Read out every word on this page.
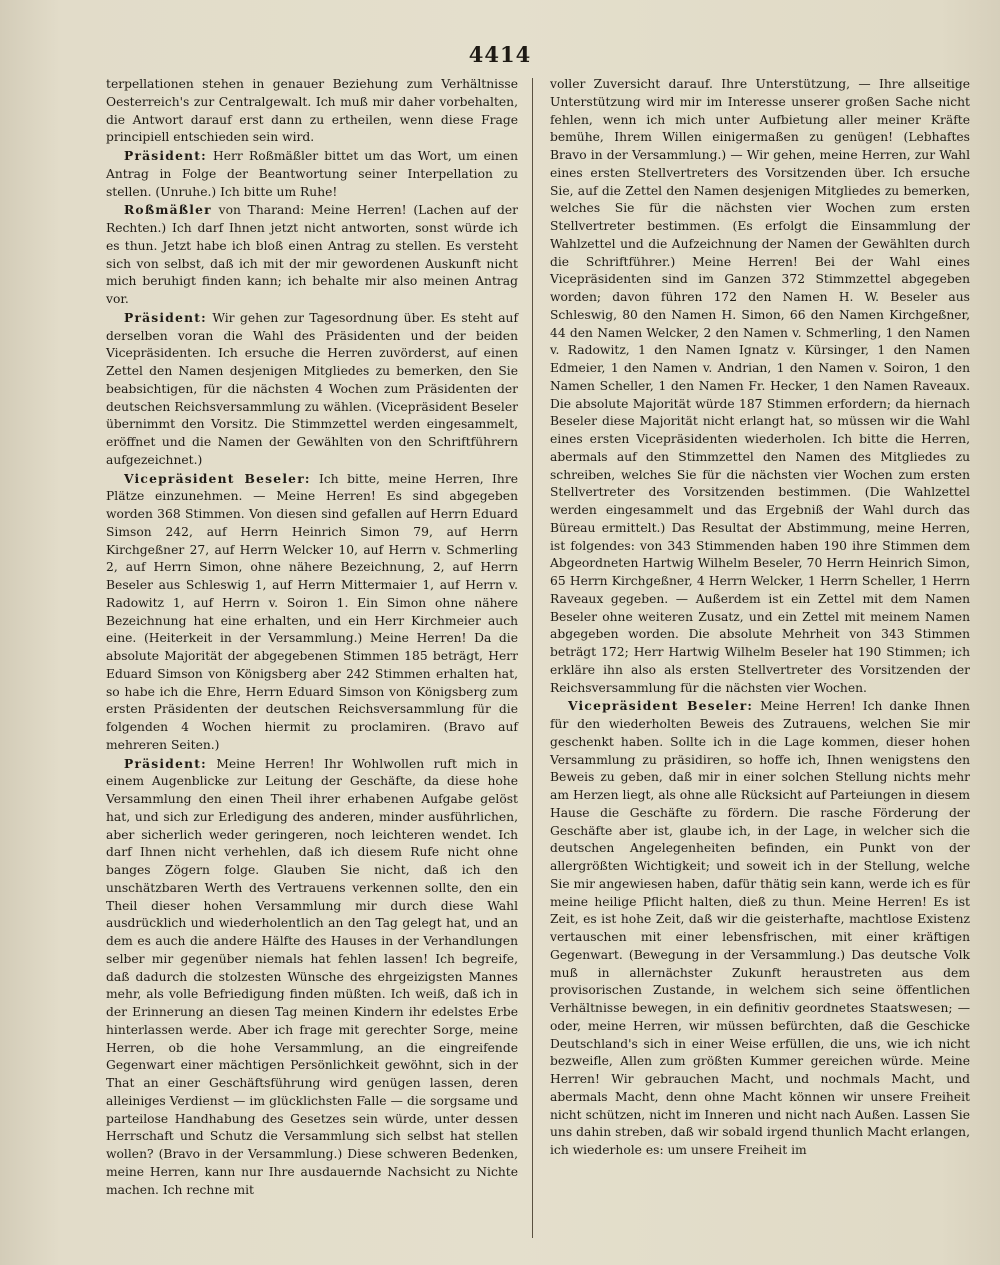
4414

terpellationen stehen in genauer Beziehung zum Verhältnisse Oesterreich's zur Centralgewalt. Ich muß mir daher vorbehalten, die Antwort darauf erst dann zu ertheilen, wenn diese Frage principiell entschieden sein wird.

Präsident: Herr Roßmäßler bittet um das Wort, um einen Antrag in Folge der Beantwortung seiner Interpellation zu stellen. (Unruhe.) Ich bitte um Ruhe!

Roßmäßler von Tharand: Meine Herren! (Lachen auf der Rechten.) Ich darf Ihnen jetzt nicht antworten, sonst würde ich es thun. Jetzt habe ich bloß einen Antrag zu stellen. Es versteht sich von selbst, daß ich mit der mir gewordenen Auskunft nicht mich beruhigt finden kann; ich behalte mir also meinen Antrag vor.

Präsident: Wir gehen zur Tagesordnung über. Es steht auf derselben voran die Wahl des Präsidenten und der beiden Vicepräsidenten. Ich ersuche die Herren zuvörderst, auf einen Zettel den Namen desjenigen Mitgliedes zu bemerken, den Sie beabsichtigen, für die nächsten 4 Wochen zum Präsidenten der deutschen Reichsversammlung zu wählen. (Vicepräsident Beseler übernimmt den Vorsitz. Die Stimmzettel werden eingesammelt, eröffnet und die Namen der Gewählten von den Schriftführern aufgezeichnet.)

Vicepräsident Beseler: Ich bitte, meine Herren, Ihre Plätze einzunehmen. — Meine Herren! Es sind abgegeben worden 368 Stimmen. Von diesen sind gefallen auf Herrn Eduard Simson 242, auf Herrn Heinrich Simon 79, auf Herrn Kirchgeßner 27, auf Herrn Welcker 10, auf Herrn v. Schmerling 2, auf Herrn Simon, ohne nähere Bezeichnung, 2, auf Herrn Beseler aus Schleswig 1, auf Herrn Mittermaier 1, auf Herrn v. Radowitz 1, auf Herrn v. Soiron 1. Ein Simon ohne nähere Bezeichnung hat eine erhalten, und ein Herr Kirchmeier auch eine. (Heiterkeit in der Versammlung.) Meine Herren! Da die absolute Majorität der abgegebenen Stimmen 185 beträgt, Herr Eduard Simson von Königsberg aber 242 Stimmen erhalten hat, so habe ich die Ehre, Herrn Eduard Simson von Königsberg zum ersten Präsidenten der deutschen Reichsversammlung für die folgenden 4 Wochen hiermit zu proclamiren. (Bravo auf mehreren Seiten.)

Präsident: Meine Herren! Ihr Wohlwollen ruft mich in einem Augenblicke zur Leitung der Geschäfte, da diese hohe Versammlung den einen Theil ihrer erhabenen Aufgabe gelöst hat, und sich zur Erledigung des anderen, minder ausführlichen, aber sicherlich weder geringeren, noch leichteren wendet. Ich darf Ihnen nicht verhehlen, daß ich diesem Rufe nicht ohne banges Zögern folge. Glauben Sie nicht, daß ich den unschätzbaren Werth des Vertrauens verkennen sollte, den ein Theil dieser hohen Versammlung mir durch diese Wahl ausdrücklich und wiederholentlich an den Tag gelegt hat, und an dem es auch die andere Hälfte des Hauses in der Verhandlungen selber mir gegenüber niemals hat fehlen lassen! Ich begreife, daß dadurch die stolzesten Wünsche des ehrgeizigsten Mannes mehr, als volle Befriedigung finden müßten. Ich weiß, daß ich in der Erinnerung an diesen Tag meinen Kindern ihr edelstes Erbe hinterlassen werde. Aber ich frage mit gerechter Sorge, meine Herren, ob die hohe Versammlung, an die eingreifende Gegenwart einer mächtigen Persönlichkeit gewöhnt, sich in der That an einer Geschäftsführung wird genügen lassen, deren alleiniges Verdienst — im glücklichsten Falle — die sorgsame und parteilose Handhabung des Gesetzes sein würde, unter dessen Herrschaft und Schutz die Versammlung sich selbst hat stellen wollen? (Bravo in der Versammlung.) Diese schweren Bedenken, meine Herren, kann nur Ihre ausdauernde Nachsicht zu Nichte machen. Ich rechne mit

voller Zuversicht darauf. Ihre Unterstützung, — Ihre allseitige Unterstützung wird mir im Interesse unserer großen Sache nicht fehlen, wenn ich mich unter Aufbietung aller meiner Kräfte bemühe, Ihrem Willen einigermaßen zu genügen! (Lebhaftes Bravo in der Versammlung.) — Wir gehen, meine Herren, zur Wahl eines ersten Stellvertreters des Vorsitzenden über. Ich ersuche Sie, auf die Zettel den Namen desjenigen Mitgliedes zu bemerken, welches Sie für die nächsten vier Wochen zum ersten Stellvertreter bestimmen. (Es erfolgt die Einsammlung der Wahlzettel und die Aufzeichnung der Namen der Gewählten durch die Schriftführer.) Meine Herren! Bei der Wahl eines Vicepräsidenten sind im Ganzen 372 Stimmzettel abgegeben worden; davon führen 172 den Namen H. W. Beseler aus Schleswig, 80 den Namen H. Simon, 66 den Namen Kirchgeßner, 44 den Namen Welcker, 2 den Namen v. Schmerling, 1 den Namen v. Radowitz, 1 den Namen Ignatz v. Kürsinger, 1 den Namen Edmeier, 1 den Namen v. Andrian, 1 den Namen v. Soiron, 1 den Namen Scheller, 1 den Namen Fr. Hecker, 1 den Namen Raveaux. Die absolute Majorität würde 187 Stimmen erfordern; da hiernach Beseler diese Majorität nicht erlangt hat, so müssen wir die Wahl eines ersten Vicepräsidenten wiederholen. Ich bitte die Herren, abermals auf den Stimmzettel den Namen des Mitgliedes zu schreiben, welches Sie für die nächsten vier Wochen zum ersten Stellvertreter des Vorsitzenden bestimmen. (Die Wahlzettel werden eingesammelt und das Ergebniß der Wahl durch das Büreau ermittelt.) Das Resultat der Abstimmung, meine Herren, ist folgendes: von 343 Stimmenden haben 190 ihre Stimmen dem Abgeordneten Hartwig Wilhelm Beseler, 70 Herrn Heinrich Simon, 65 Herrn Kirchgeßner, 4 Herrn Welcker, 1 Herrn Scheller, 1 Herrn Raveaux gegeben. — Außerdem ist ein Zettel mit dem Namen Beseler ohne weiteren Zusatz, und ein Zettel mit meinem Namen abgegeben worden. Die absolute Mehrheit von 343 Stimmen beträgt 172; Herr Hartwig Wilhelm Beseler hat 190 Stimmen; ich erkläre ihn also als ersten Stellvertreter des Vorsitzenden der Reichsversammlung für die nächsten vier Wochen.

Vicepräsident Beseler: Meine Herren! Ich danke Ihnen für den wiederholten Beweis des Zutrauens, welchen Sie mir geschenkt haben. Sollte ich in die Lage kommen, dieser hohen Versammlung zu präsidiren, so hoffe ich, Ihnen wenigstens den Beweis zu geben, daß mir in einer solchen Stellung nichts mehr am Herzen liegt, als ohne alle Rücksicht auf Parteiungen in diesem Hause die Geschäfte zu fördern. Die rasche Förderung der Geschäfte aber ist, glaube ich, in der Lage, in welcher sich die deutschen Angelegenheiten befinden, ein Punkt von der allergrößten Wichtigkeit; und soweit ich in der Stellung, welche Sie mir angewiesen haben, dafür thätig sein kann, werde ich es für meine heilige Pflicht halten, dieß zu thun. Meine Herren! Es ist Zeit, es ist hohe Zeit, daß wir die geisterhafte, machtlose Existenz vertauschen mit einer lebensfrischen, mit einer kräftigen Gegenwart. (Bewegung in der Versammlung.) Das deutsche Volk muß in allernächster Zukunft heraustreten aus dem provisorischen Zustande, in welchem sich seine öffentlichen Verhältnisse bewegen, in ein definitiv geordnetes Staatswesen; — oder, meine Herren, wir müssen befürchten, daß die Geschicke Deutschland's sich in einer Weise erfüllen, die uns, wie ich nicht bezweifle, Allen zum größten Kummer gereichen würde. Meine Herren! Wir gebrauchen Macht, und nochmals Macht, und abermals Macht, denn ohne Macht können wir unsere Freiheit nicht schützen, nicht im Inneren und nicht nach Außen. Lassen Sie uns dahin streben, daß wir sobald irgend thunlich Macht erlangen, ich wiederhole es: um unsere Freiheit im
